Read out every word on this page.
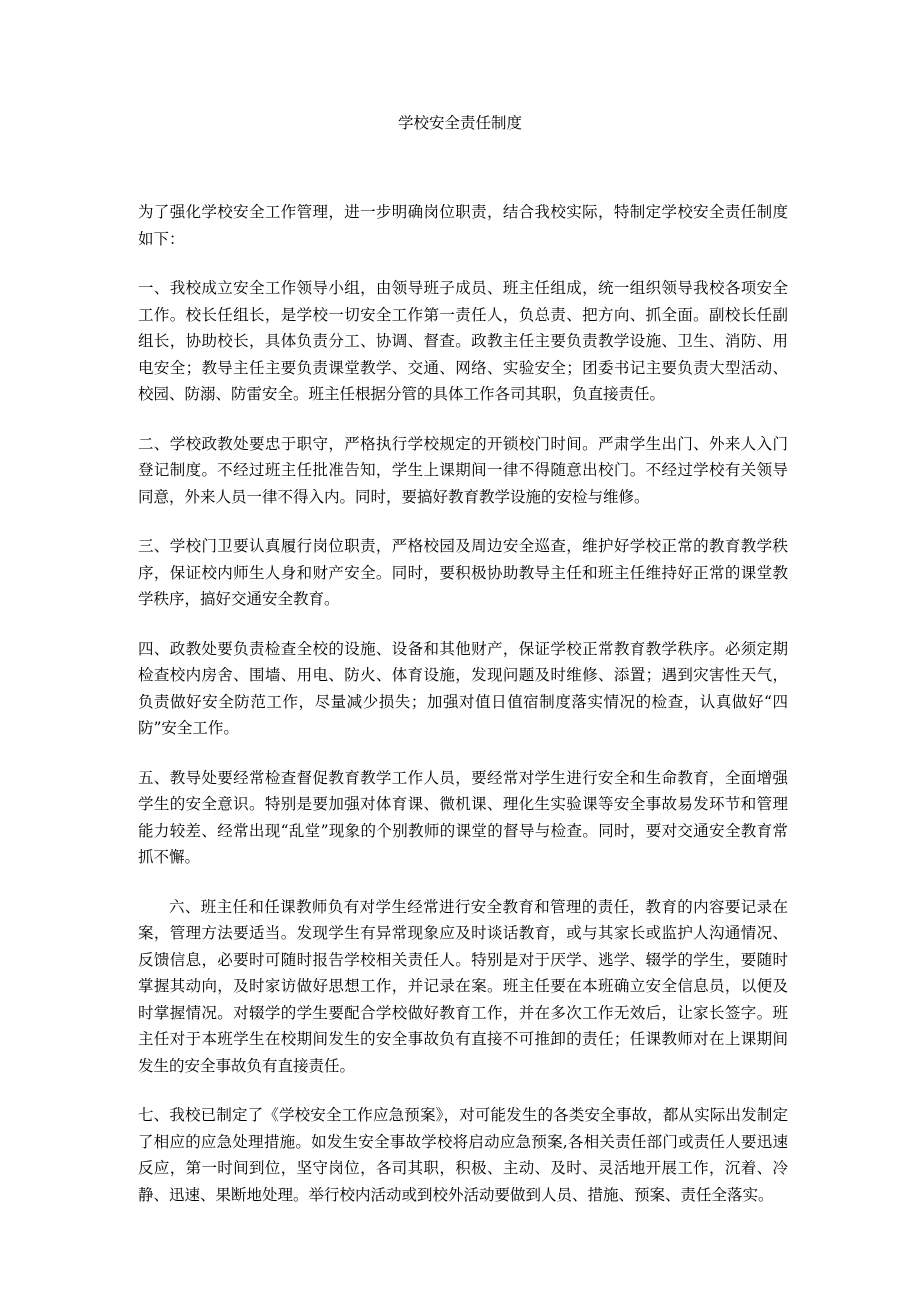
学校安全责任制度

为了强化学校安全工作管理，进一步明确岗位职责，结合我校实际，特制定学校安全责任制度如下：

一、我校成立安全工作领导小组，由领导班子成员、班主任组成，统一组织领导我校各项安全工作。校长任组长，是学校一切安全工作第一责任人，负总责、把方向、抓全面。副校长任副组长，协助校长，具体负责分工、协调、督查。政教主任主要负责教学设施、卫生、消防、用电安全；教导主任主要负责课堂教学、交通、网络、实验安全；团委书记主要负责大型活动、校园、防溺、防雷安全。班主任根据分管的具体工作各司其职，负直接责任。

二、学校政教处要忠于职守，严格执行学校规定的开锁校门时间。严肃学生出门、外来人入门登记制度。不经过班主任批准告知，学生上课期间一律不得随意出校门。不经过学校有关领导同意，外来人员一律不得入内。同时，要搞好教育教学设施的安检与维修。

三、学校门卫要认真履行岗位职责，严格校园及周边安全巡查，维护好学校正常的教育教学秩序，保证校内师生人身和财产安全。同时，要积极协助教导主任和班主任维持好正常的课堂教学秩序，搞好交通安全教育。

四、政教处要负责检查全校的设施、设备和其他财产，保证学校正常教育教学秩序。必须定期检查校内房舍、围墙、用电、防火、体育设施，发现问题及时维修、添置；遇到灾害性天气，负责做好安全防范工作，尽量减少损失；加强对值日值宿制度落实情况的检查，认真做好“四防”安全工作。

五、教导处要经常检查督促教育教学工作人员，要经常对学生进行安全和生命教育，全面增强学生的安全意识。特别是要加强对体育课、微机课、理化生实验课等安全事故易发环节和管理能力较差、经常出现“乱堂”现象的个别教师的课堂的督导与检查。同时，要对交通安全教育常抓不懈。

六、班主任和任课教师负有对学生经常进行安全教育和管理的责任，教育的内容要记录在案，管理方法要适当。发现学生有异常现象应及时谈话教育，或与其家长或监护人沟通情况、反馈信息，必要时可随时报告学校相关责任人。特别是对于厌学、逃学、辍学的学生，要随时掌握其动向，及时家访做好思想工作，并记录在案。班主任要在本班确立安全信息员，以便及时掌握情况。对辍学的学生要配合学校做好教育工作，并在多次工作无效后，让家长签字。班主任对于本班学生在校期间发生的安全事故负有直接不可推卸的责任；任课教师对在上课期间发生的安全事故负有直接责任。

七、我校已制定了《学校安全工作应急预案》，对可能发生的各类安全事故，都从实际出发制定了相应的应急处理措施。如发生安全事故学校将启动应急预案,各相关责任部门或责任人要迅速反应，第一时间到位，坚守岗位，各司其职，积极、主动、及时、灵活地开展工作，沉着、冷静、迅速、果断地处理。举行校内活动或到校外活动要做到人员、措施、预案、责任全落实。
